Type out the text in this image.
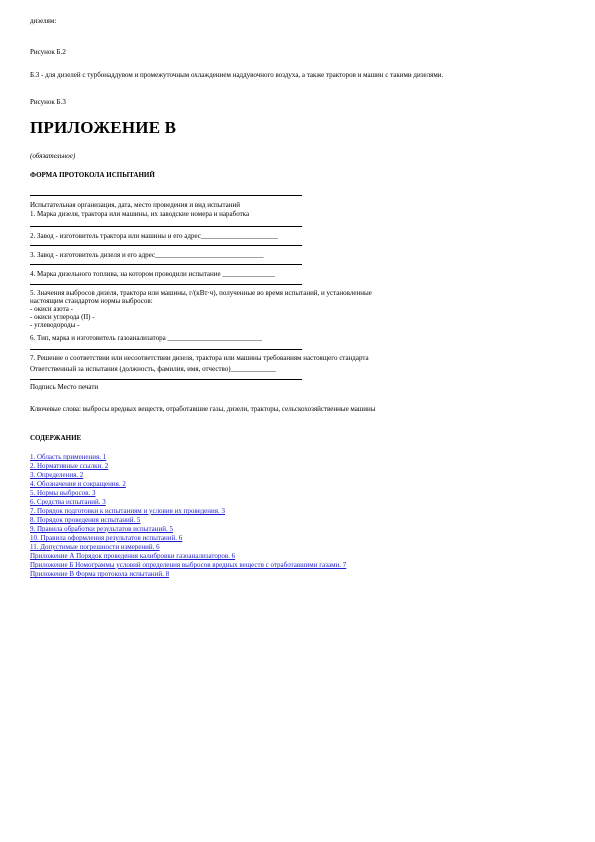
дизелям:
Рисунок Б.2
Б.3 - для дизелей с турбонаддувом и промежуточным охлаждением наддувочного воздуха, а также тракторов и машин с такими дизелями.
Рисунок Б.3
ПРИЛОЖЕНИЕ В
(обязательное)
ФОРМА ПРОТОКОЛА ИСПЫТАНИЙ
Испытательная организация, дата, место проведения и вид испытаний
1. Марка дизеля, трактора или машины, их заводские номера и наработка
2. Завод - изготовитель трактора или машины и его адрес______________________
3. Завод - изготовитель дизеля и его адрес_______________________________
4. Марка дизельного топлива, на котором проводили испытание _______________
5. Значения выбросов дизеля, трактора или машины, г/(кВт·ч), полученные во время испытаний, и установленные
настоящим стандартом нормы выбросов:
- окиси азота -
- окиси углерода (II) -
- углеводороды -
6. Тип, марка и изготовитель газоанализатора ___________________________
7. Решение о соответствии или несоответствии дизеля, трактора или машины требованиям настоящего стандарта
Ответственный за испытания (должность, фамилия, имя, отчество)_____________
Подпись Место печати
Ключевые слова: выбросы вредных веществ, отработавшие газы, дизели, тракторы, сельскохозяйственные машины
СОДЕРЖАНИЕ
1. Область применения. 1
2. Нормативные ссылки. 2
3. Определения. 2
4. Обозначения и сокращения. 2
5. Нормы выбросов. 3
6. Средства испытаний. 3
7. Порядок подготовки к испытаниям и условия их проведения. 3
8. Порядок проведения испытаний. 5
9. Правила обработки результатов испытаний. 5
10. Правила оформления результатов испытаний. 6
11. Допустимые погрешности измерений. 6
Приложение А Порядок проведения калибровки газоанализаторов. 6
Приложение Б Номограммы условий определения выбросов вредных веществ с отработавшими газами. 7
Приложение В Форма протокола испытаний. 8
